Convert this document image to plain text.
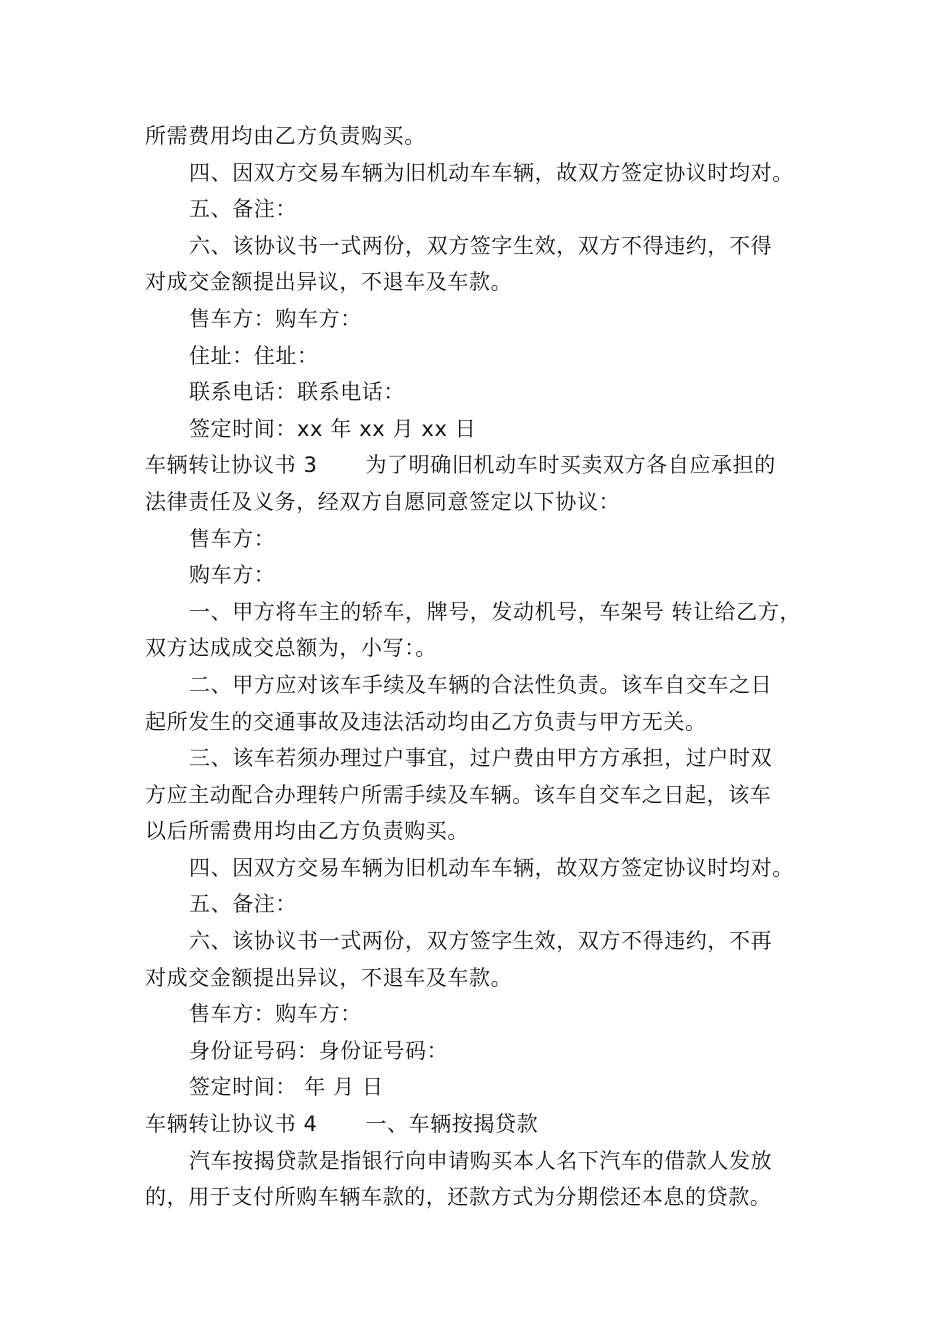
所需费用均由乙方负责购买。
四、因双方交易车辆为旧机动车车辆，故双方签定协议时均对。
五、备注：
六、该协议书一式两份，双方签字生效，双方不得违约，不得
对成交金额提出异议，不退车及车款。
售车方：购车方：
住址：住址：
联系电话：联系电话：
签定时间：xx 年 xx 月 xx 日
车辆转让协议书 3 为了明确旧机动车时买卖双方各自应承担的
法律责任及义务，经双方自愿同意签定以下协议：
售车方：
购车方：
一、甲方将车主的轿车，牌号，发动机号，车架号 转让给乙方，
双方达成成交总额为，小写：。
二、甲方应对该车手续及车辆的合法性负责。该车自交车之日
起所发生的交通事故及违法活动均由乙方负责与甲方无关。
三、该车若须办理过户事宜，过户费由甲方方承担，过户时双
方应主动配合办理转户所需手续及车辆。该车自交车之日起，该车
以后所需费用均由乙方负责购买。
四、因双方交易车辆为旧机动车车辆，故双方签定协议时均对。
五、备注：
六、该协议书一式两份，双方签字生效，双方不得违约，不再
对成交金额提出异议，不退车及车款。
售车方：购车方：
身份证号码：身份证号码：
签定时间： 年 月 日
车辆转让协议书 4 一、车辆按揭贷款
汽车按揭贷款是指银行向申请购买本人名下汽车的借款人发放
的，用于支付所购车辆车款的，还款方式为分期偿还本息的贷款。
